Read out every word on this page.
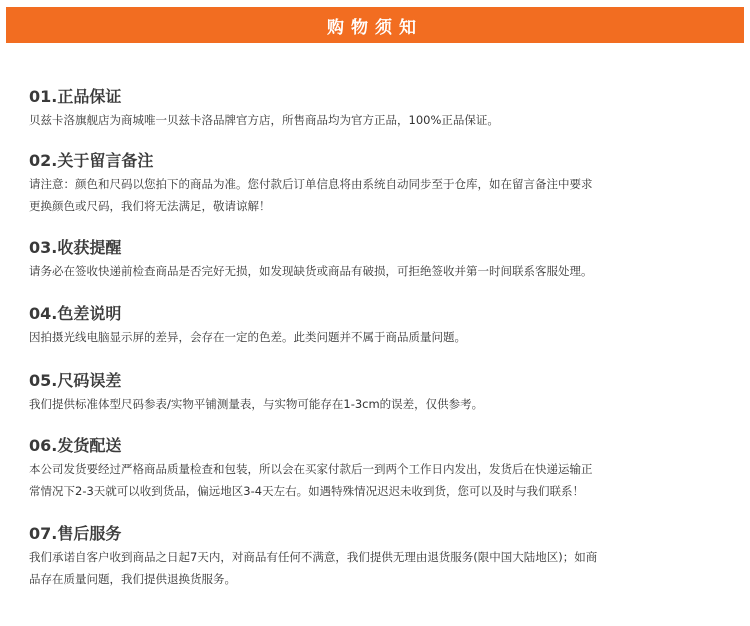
购物须知
01.正品保证
贝兹卡洛旗舰店为商城唯一贝兹卡洛品牌官方店，所售商品均为官方正品，100%正品保证。
02.关于留言备注
请注意：颜色和尺码以您拍下的商品为准。您付款后订单信息将由系统自动同步至于仓库，如在留言备注中要求
更换颜色或尺码，我们将无法满足，敬请谅解！
03.收获提醒
请务必在签收快递前检查商品是否完好无损，如发现缺货或商品有破损，可拒绝签收并第一时间联系客服处理。
04.色差说明
因拍摄光线电脑显示屏的差异，会存在一定的色差。此类问题并不属于商品质量问题。
05.尺码误差
我们提供标准体型尺码参表/实物平铺测量表，与实物可能存在1-3cm的误差，仅供参考。
06.发货配送
本公司发货要经过严格商品质量检查和包装，所以会在买家付款后一到两个工作日内发出，发货后在快递运输正
常情况下2-3天就可以收到货品，偏远地区3-4天左右。如遇特殊情况迟迟未收到货，您可以及时与我们联系！
07.售后服务
我们承诺自客户收到商品之日起7天内，对商品有任何不满意，我们提供无理由退货服务(限中国大陆地区)；如商
品存在质量问题，我们提供退换货服务。
